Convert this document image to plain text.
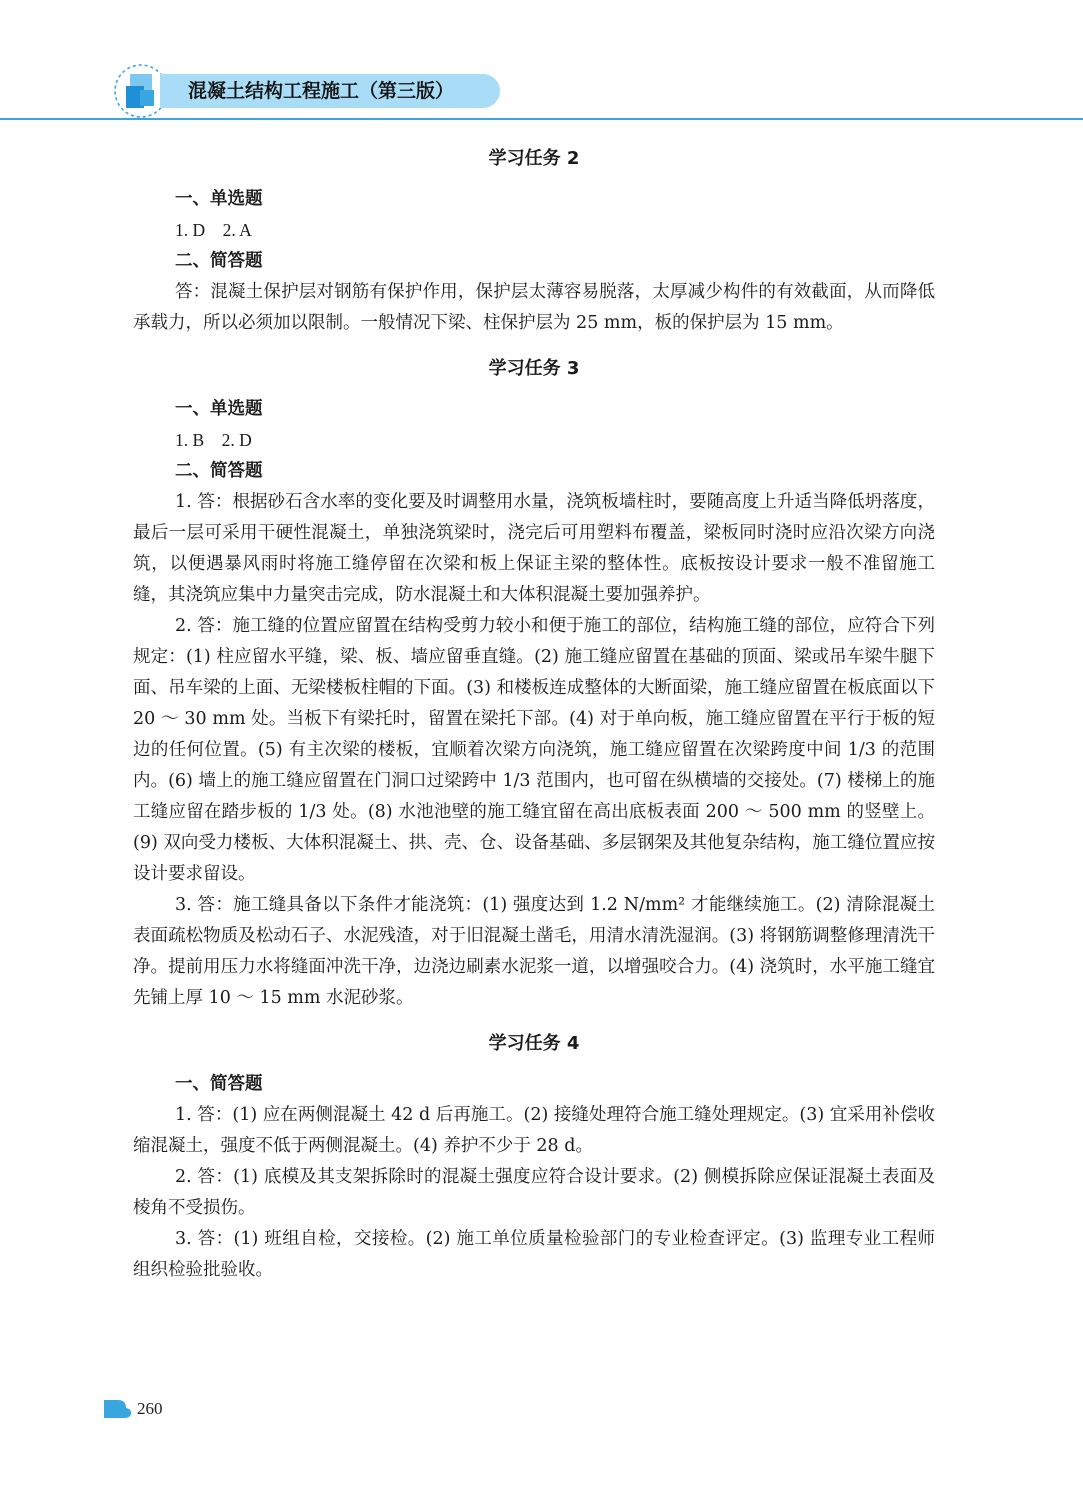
混凝土结构工程施工（第三版）
学习任务 2
一、单选题
1. D　2. A
二、简答题

答：混凝土保护层对钢筋有保护作用，保护层太薄容易脱落，太厚减少构件的有效截面，从而降低承载力，所以必须加以限制。一般情况下梁、柱保护层为 25 mm，板的保护层为 15 mm。

学习任务 3
一、单选题
1. B　2. D
二、简答题

1. 答：根据砂石含水率的变化要及时调整用水量，浇筑板墙柱时，要随高度上升适当降低坍落度，最后一层可采用干硬性混凝土，单独浇筑梁时，浇完后可用塑料布覆盖，梁板同时浇时应沿次梁方向浇筑，以便遇暴风雨时将施工缝停留在次梁和板上保证主梁的整体性。底板按设计要求一般不准留施工缝，其浇筑应集中力量突击完成，防水混凝土和大体积混凝土要加强养护。

2. 答：施工缝的位置应留置在结构受剪力较小和便于施工的部位，结构施工缝的部位，应符合下列规定：(1) 柱应留水平缝，梁、板、墙应留垂直缝。(2) 施工缝应留置在基础的顶面、梁或吊车梁牛腿下面、吊车梁的上面、无梁楼板柱帽的下面。(3) 和楼板连成整体的大断面梁，施工缝应留置在板底面以下 20 ～ 30 mm 处。当板下有梁托时，留置在梁托下部。(4) 对于单向板，施工缝应留置在平行于板的短边的任何位置。(5) 有主次梁的楼板，宜顺着次梁方向浇筑，施工缝应留置在次梁跨度中间 1/3 的范围内。(6) 墙上的施工缝应留置在门洞口过梁跨中 1/3 范围内，也可留在纵横墙的交接处。(7) 楼梯上的施工缝应留在踏步板的 1/3 处。(8) 水池池壁的施工缝宜留在高出底板表面 200 ～ 500 mm 的竖壁上。(9) 双向受力楼板、大体积混凝土、拱、壳、仓、设备基础、多层钢架及其他复杂结构，施工缝位置应按设计要求留设。

3. 答：施工缝具备以下条件才能浇筑：(1) 强度达到 1.2 N/mm² 才能继续施工。(2) 清除混凝土表面疏松物质及松动石子、水泥残渣，对于旧混凝土凿毛，用清水清洗湿润。(3) 将钢筋调整修理清洗干净。提前用压力水将缝面冲洗干净，边浇边刷素水泥浆一道，以增强咬合力。(4) 浇筑时，水平施工缝宜先铺上厚 10 ～ 15 mm 水泥砂浆。

学习任务 4
一、简答题

1. 答：(1) 应在两侧混凝土 42 d 后再施工。(2) 接缝处理符合施工缝处理规定。(3) 宜采用补偿收缩混凝土，强度不低于两侧混凝土。(4) 养护不少于 28 d。

2. 答：(1) 底模及其支架拆除时的混凝土强度应符合设计要求。(2) 侧模拆除应保证混凝土表面及棱角不受损伤。

3. 答：(1) 班组自检，交接检。(2) 施工单位质量检验部门的专业检查评定。(3) 监理专业工程师组织检验批验收。

260
